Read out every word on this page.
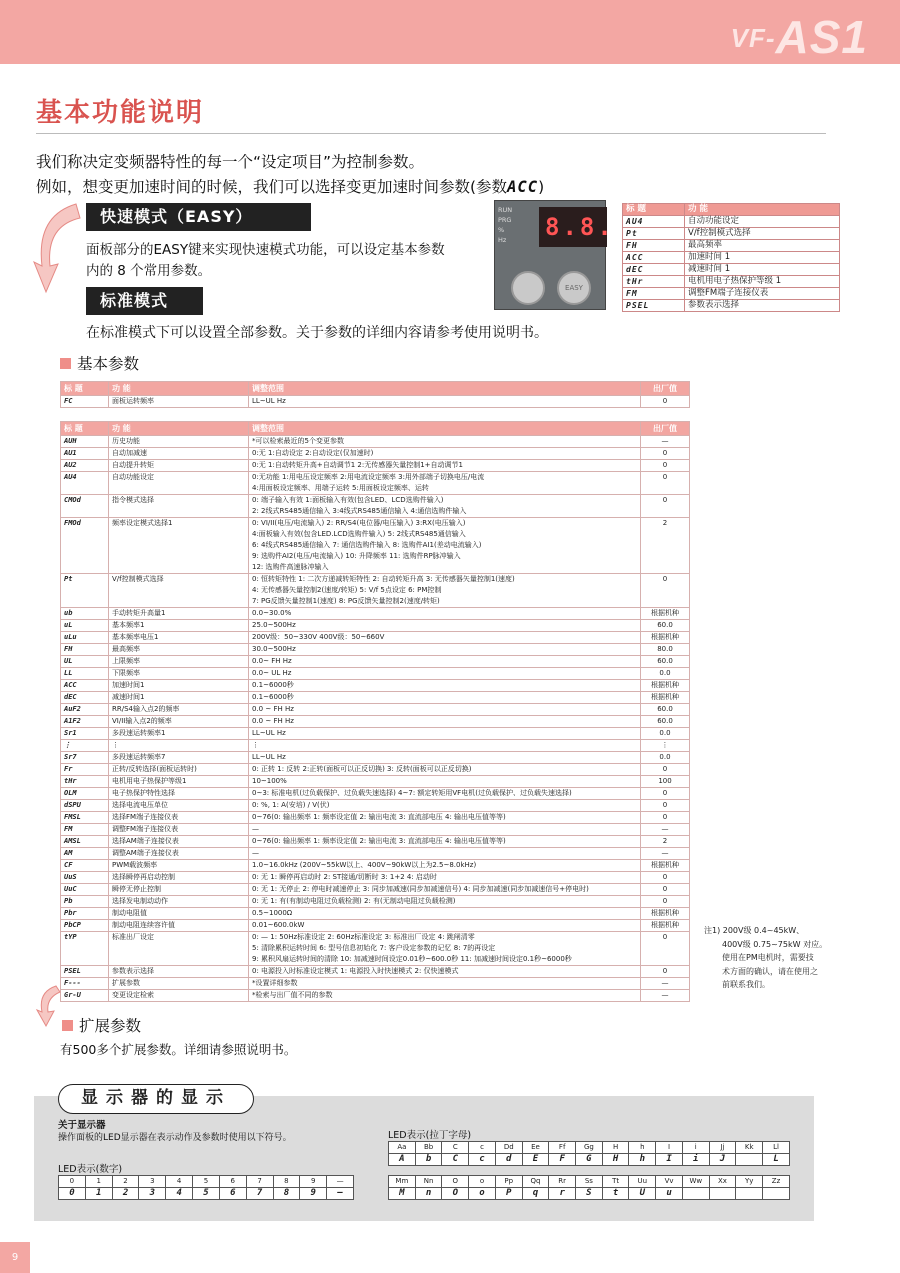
VF-AS1
基本功能说明
我们称决定变频器特性的每一个“设定项目”为控制参数。
例如，想变更加速时间的时候，我们可以选择变更加速时间参数(参数ACC)
快速模式（EASY）
面板部分的EASY键来实现快速模式功能，可以设定基本参数
内的 8 个常用参数。
标准模式
在标准模式下可以设置全部参数。关于参数的详细内容请参考使用说明书。
RUN
PRG
%
Hz 8.8.
EASY
标 题	功 能
AU4	自动功能设定
Pt	V/f控制模式选择
FH	最高频率
ACC	加速时间 1
dEC	减速时间 1
tHr	电机用电子热保护等级 1
FM	调整FM端子连接仪表
PSEL	参数表示选择
基本参数
标 题	功 能	调整范围	出厂值
FC	面板运转频率	LL~UL Hz	0
标 题	功 能	调整范围	出厂值
AUH	历史功能	*可以检索最近的5个变更参数	—
AU1	自动加减速	0:无 1:自动设定 2:自动设定(仅加速时)	0
AU2	自动提升转矩	0:无 1:自动转矩升高+自动调节1 2:无传感器矢量控制1+自动调节1	0
AU4	自动功能设定	0:无功能 1:用电压设定频率 2:用电流设定频率 3:用外部端子切换电压/电流
4:用面板设定频率、用端子运转 5:用面板设定频率、运转	0
CMOd	指令模式选择	0: 端子输入有效 1:面板输入有效(包含LED、LCD选购件输入)
2: 2线式RS485通信输入 3:4线式RS485通信输入 4:通信选购件输入	0
FMOd	频率设定模式选择1	0: VI/II(电压/电流输入) 2: RR/S4(电位器/电压输入) 3:RX(电压输入)
4:面板输入有效(包含LED.LCD选购件输入) 5: 2线式RS485通信输入
6: 4线式RS485通信输入 7: 通信选购件输入 8: 选购件AI1(差动电流输入)
9: 选购件AI2(电压/电流输入) 10: 升降频率 11: 选购件RP脉冲输入
12: 选购件高速脉冲输入	2
Pt	V/f控制模式选择	0: 恒转矩特性 1: 二次方递减转矩特性 2: 自动转矩升高 3: 无传感器矢量控制1(速度)
4: 无传感器矢量控制2(速度/转矩) 5: V/f 5点设定 6: PM控制
7: PG反馈矢量控制1(速度) 8: PG反馈矢量控制2(速度/转矩)	0
ub	手动转矩升高量1	0.0~30.0%	根据机种
uL	基本频率1	25.0~500Hz	60.0
uLu	基本频率电压1	200V级：50~330V 400V级：50~660V	根据机种
FH	最高频率	30.0~500Hz	80.0
UL	上限频率	0.0~ FH Hz	60.0
LL	下限频率	0.0~ UL Hz	0.0
ACC	加速时间1	0.1~6000秒	根据机种
dEC	减速时间1	0.1~6000秒	根据机种
AuF2	RR/S4输入点2的频率	0.0 ~ FH Hz	60.0
A1F2	VI/II输入点2的频率	0.0 ~ FH Hz	60.0
Sr1	多段速运转频率1	LL~UL Hz	0.0
⋮	⋮	⋮	⋮
Sr7	多段速运转频率7	LL~UL Hz	0.0
Fr	正转/反转选择(面板运转时)	0: 正转 1: 反转 2:正转(面板可以正反切换) 3: 反转(面板可以正反切换)	0
tHr	电机用电子热保护等级1	10~100%	100
OLM	电子热保护特性选择	0~3: 标准电机(过负载保护、过负载失速选择) 4~7: 额定转矩用VF电机(过负载保护、过负载失速选择)	0
dSPU	选择电流电压单位	0: %, 1: A(安培) / V(伏)	0
FMSL	选择FM端子连接仪表	0~76(0: 输出频率 1: 频率设定值 2: 输出电流 3: 直流部电压 4: 输出电压值等等)	0
FM	调整FM端子连接仪表	—	—
AMSL	选择AM端子连接仪表	0~76(0: 输出频率 1: 频率设定值 2: 输出电流 3: 直流部电压 4: 输出电压值等等)	2
AM	调整AM端子连接仪表	—	—
CF	PWM载波频率	1.0~16.0kHz (200V~55kW以上、400V~90kW以上为2.5~8.0kHz)	根据机种
UuS	选择瞬停再启动控制	0: 无 1: 瞬停再启动时 2: ST接通/切断时 3: 1+2 4: 启动时	0
UuC	瞬停无停止控制	0: 无 1: 无停止 2: 停电时减速停止 3: 同步加减速(同步加减速信号) 4: 同步加减速(同步加减速信号+停电时)	0
Pb	选择发电制动动作	0: 无 1: 有(有制动电阻过负载检测) 2: 有(无制动电阻过负载检测)	0
Pbr	制动电阻值	0.5~1000Ω	根据机种
PbCP	制动电阻连续容许值	0.01~600.0kW	根据机种
tYP	标准出厂设定	0: — 1: 50Hz标准设定 2: 60Hz标准设定 3: 标准出厂设定 4: 跳闸清零
5: 清除累积运转时间 6: 型号信息初始化 7: 客户设定参数的记忆 8: 7的再设定
9: 累积风扇运转时间的清除 10: 加减速时间设定0.01秒~600.0秒 11: 加减速时间设定0.1秒~6000秒	0
PSEL	参数表示选择	0: 电源投入时标准设定模式 1: 电源投入时快速模式 2: 仅快速模式	0
F---	扩展参数	*设置详细参数	—
Gr-U	变更设定检索	*检索与出厂值不同的参数	—
注1) 200V级 0.4~45kW、
400V级 0.75~75kW 对应。
使用在PM电机时，需要技
术方面的确认，请在使用之
前联系我们。
扩展参数
有500多个扩展参数。详细请参照说明书。
显示器的显示
关于显示器
操作面板的LED显示器在表示动作及参数时使用以下符号。
LED表示(数字)
0	1	2	3	4	5	6	7	8	9	—
0	1	2	3	4	5	6	7	8	9	—
LED表示(拉丁字母)
Aa	Bb	C	c	Dd	Ee	Ff	Gg	H	h	I	i	Jj	Kk	Ll
A	b	C	c	d	E	F	G	H	h	I	i	J		L
Mm	Nn	O	o	Pp	Qq	Rr	Ss	Tt	Uu	Vv	Ww	Xx	Yy	Zz
M	n	O	o	P	q	r	S	t	U	u				
9
